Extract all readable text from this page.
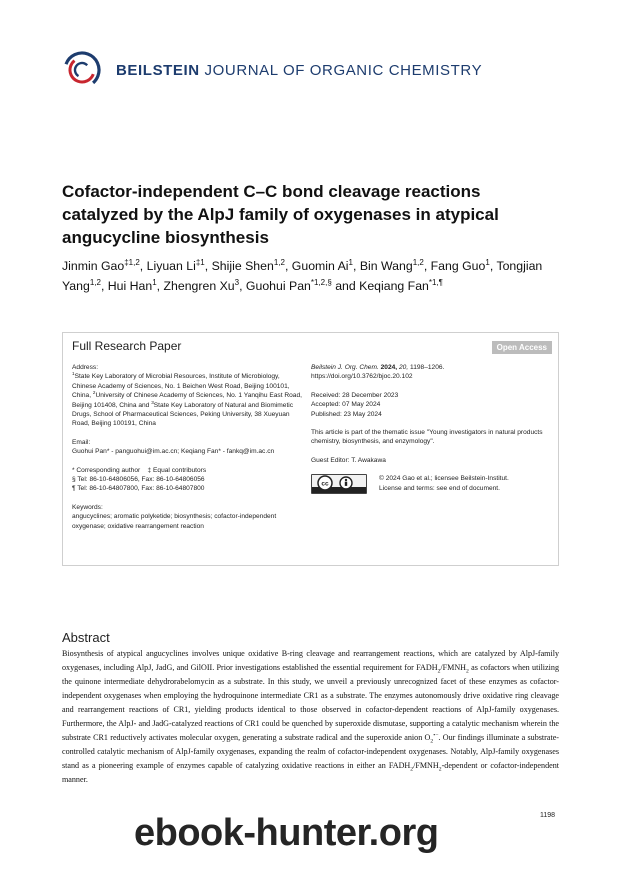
BEILSTEIN JOURNAL OF ORGANIC CHEMISTRY
Cofactor-independent C–C bond cleavage reactions catalyzed by the AlpJ family of oxygenases in atypical angucycline biosynthesis
Jinmin Gao$^{\ddagger 1,2}$, Liyuan Li$^{\ddagger 1}$, Shijie Shen$^{1,2}$, Guomin Ai$^1$, Bin Wang$^{1,2}$, Fang Guo$^1$, Tongjian Yang$^{1,2}$, Hui Han$^1$, Zhengren Xu$^3$, Guohui Pan$^{*1,2,\S}$ and Keqiang Fan$^{*1,\P}$
Full Research Paper	Open Access
Address:
$^1$State Key Laboratory of Microbial Resources, Institute of Microbiology, Chinese Academy of Sciences, No. 1 Beichen West Road, Beijing 100101, China, $^2$University of Chinese Academy of Sciences, No. 1 Yanqihu East Road, Beijing 101408, China and $^3$State Key Laboratory of Natural and Biomimetic Drugs, School of Pharmaceutical Sciences, Peking University, 38 Xueyuan Road, Beijing 100191, China
Email:
Guohui Pan* - panguohui@im.ac.cn; Keqiang Fan* - fankq@im.ac.cn
* Corresponding author    ‡ Equal contributors
§ Tel: 86-10-64806056, Fax: 86-10-64806056
¶ Tel: 86-10-64807800, Fax: 86-10-64807800
Keywords:
angucyclines; aromatic polyketide; biosynthesis; cofactor-independent oxygenase; oxidative rearrangement reaction
Beilstein J. Org. Chem. 2024, 20, 1198–1206.
https://doi.org/10.3762/bjoc.20.102
Received: 28 December 2023
Accepted: 07 May 2024
Published: 23 May 2024
This article is part of the thematic issue "Young investigators in natural products chemistry, biosynthesis, and enzymology".
Guest Editor: T. Awakawa
cc
© 2024 Gao et al.; licensee Beilstein-Institut.
License and terms: see end of document.
Abstract
Biosynthesis of atypical angucyclines involves unique oxidative B-ring cleavage and rearrangement reactions, which are catalyzed by AlpJ-family oxygenases, including AlpJ, JadG, and GilOII. Prior investigations established the essential requirement for $FADH_2/FMNH_2$ as cofactors when utilizing the quinone intermediate dehydrorabelomycin as a substrate. In this study, we unveil a previously unrecognized facet of these enzymes as cofactor-independent oxygenases when employing the hydroquinone intermediate CR1 as a substrate. The enzymes autonomously drive oxidative ring cleavage and rearrangement reactions of CR1, yielding products identical to those observed in cofactor-dependent reactions of AlpJ-family oxygenases. Furthermore, the AlpJ- and JadG-catalyzed reactions of CR1 could be quenched by superoxide dismutase, supporting a catalytic mechanism wherein the substrate CR1 reductively activates molecular oxygen, generating a substrate radical and the superoxide anion $O_2^{•-}$. Our findings illuminate a substrate-controlled catalytic mechanism of AlpJ-family oxygenases, expanding the realm of cofactor-independent oxygenases. Notably, AlpJ-family oxygenases stand as a pioneering example of enzymes capable of catalyzing oxidative reactions in either an $FADH_2/FMNH_2$-dependent or cofactor-independent manner.
1198
ebook-hunter.org
